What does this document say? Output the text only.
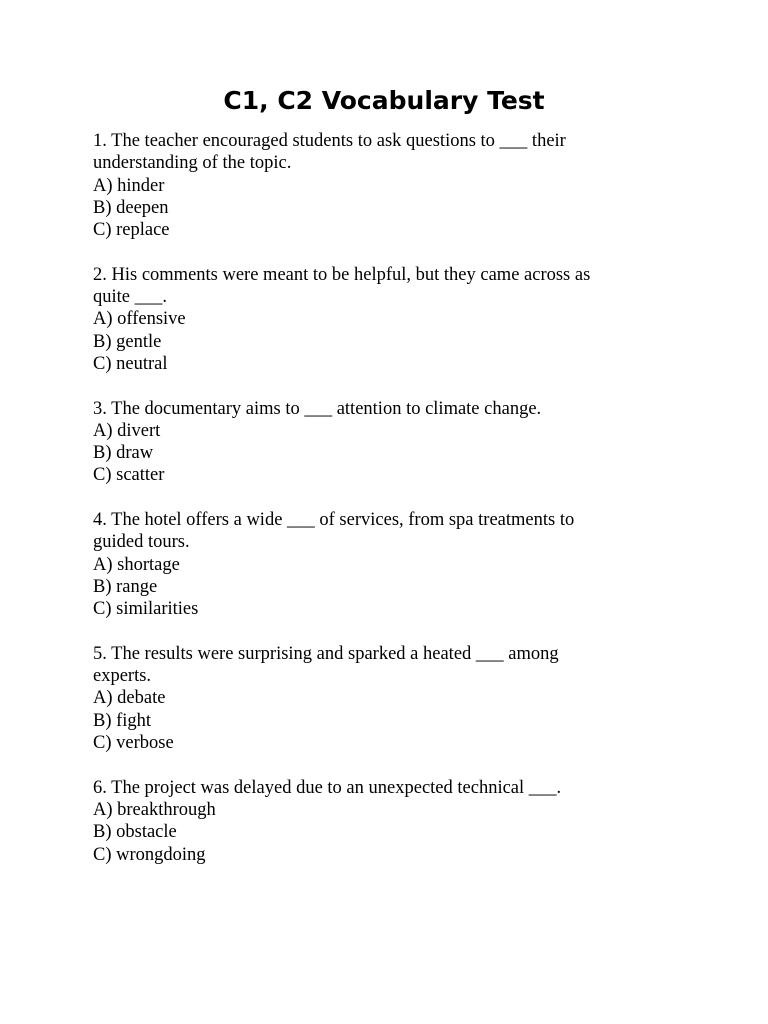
C1, C2 Vocabulary Test
1. The teacher encouraged students to ask questions to ___ their understanding of the topic.
A) hinder
B) deepen
C) replace
2. His comments were meant to be helpful, but they came across as quite ___.
A) offensive
B) gentle
C) neutral
3. The documentary aims to ___ attention to climate change.
A) divert
B) draw
C) scatter
4. The hotel offers a wide ___ of services, from spa treatments to guided tours.
A) shortage
B) range
C) similarities
5. The results were surprising and sparked a heated ___ among experts.
A) debate
B) fight
C) verbose
6. The project was delayed due to an unexpected technical ___.
A) breakthrough
B) obstacle
C) wrongdoing
